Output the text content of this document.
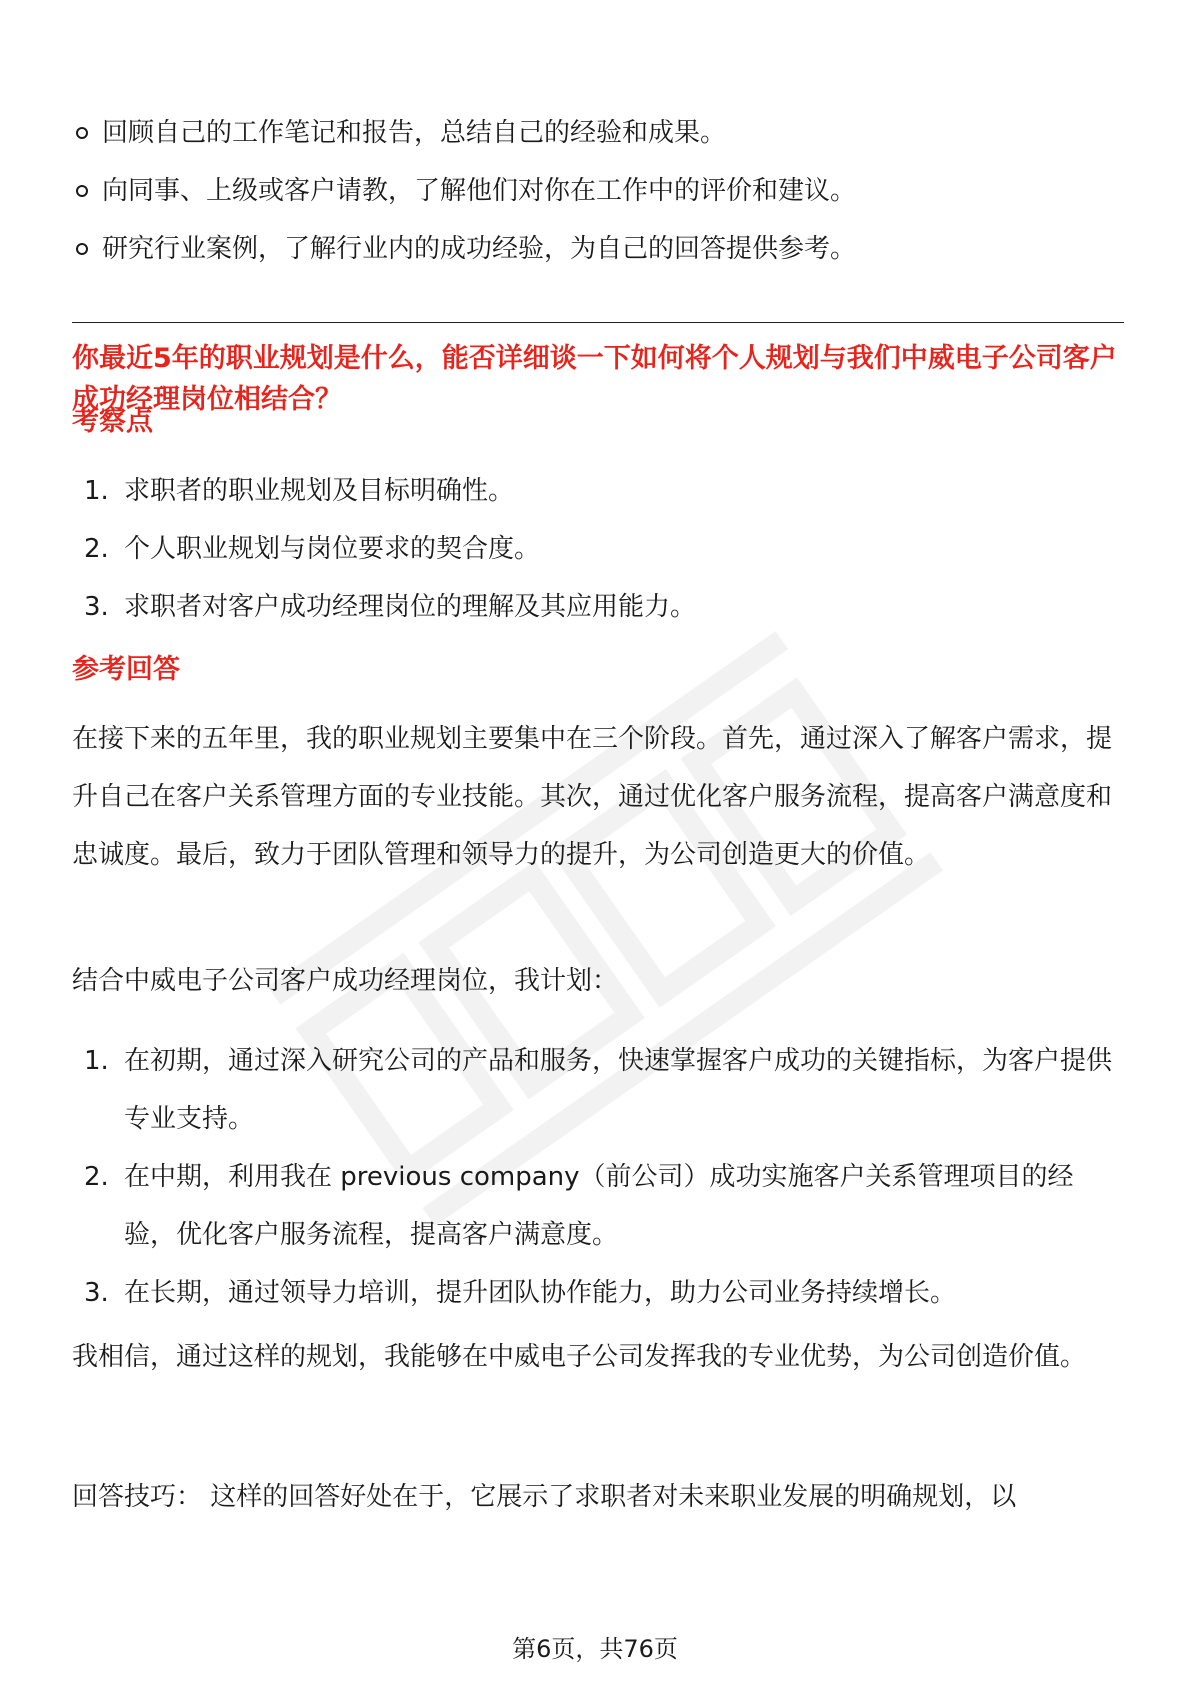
回顾自己的工作笔记和报告，总结自己的经验和成果。
向同事、上级或客户请教，了解他们对你在工作中的评价和建议。
研究行业案例，了解行业内的成功经验，为自己的回答提供参考。
你最近5年的职业规划是什么，能否详细谈一下如何将个人规划与我们中威电子公司客户成功经理岗位相结合？
考察点
1. 求职者的职业规划及目标明确性。
2. 个人职业规划与岗位要求的契合度。
3. 求职者对客户成功经理岗位的理解及其应用能力。
参考回答

在接下来的五年里，我的职业规划主要集中在三个阶段。首先，通过深入了解客户需求，提升自己在客户关系管理方面的专业技能。其次，通过优化客户服务流程，提高客户满意度和忠诚度。最后，致力于团队管理和领导力的提升，为公司创造更大的价值。

结合中威电子公司客户成功经理岗位，我计划：

1. 在初期，通过深入研究公司的产品和服务，快速掌握客户成功的关键指标，为客户提供专业支持。
2. 在中期，利用我在 previous company（前公司）成功实施客户关系管理项目的经验，优化客户服务流程，提高客户满意度。
3. 在长期，通过领导力培训，提升团队协作能力，助力公司业务持续增长。

我相信，通过这样的规划，我能够在中威电子公司发挥我的专业优势，为公司创造价值。

回答技巧： 这样的回答好处在于，它展示了求职者对未来职业发展的明确规划，以

第6页，共76页
